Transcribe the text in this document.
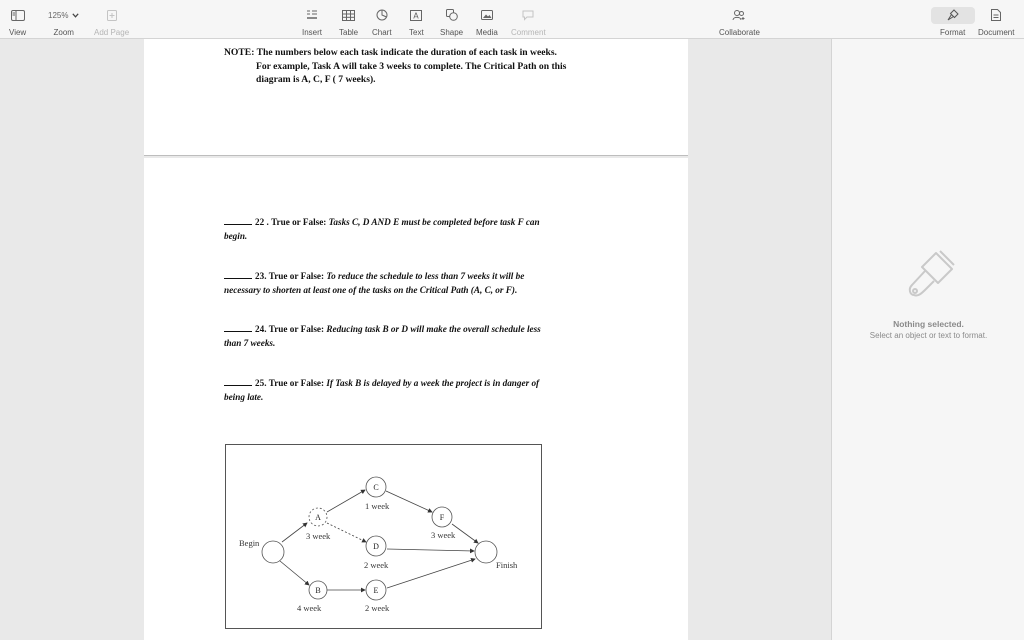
View
125%
Zoom	Add Page	Insert Table Chart
A
Text Shape Media Comment	Collaborate	Format Document
NOTE: The numbers below each task indicate the duration of each task in weeks.
For example, Task A will take 3 weeks to complete. The Critical Path on this
diagram is A, C, F ( 7 weeks).
22 . True or False: Tasks C, D AND E must be completed before task F can
begin.
23. True or False: To reduce the schedule to less than 7 weeks it will be
necessary to shorten at least one of the tasks on the Critical Path (A, C, or F).
24. True or False: Reducing task B or D will make the overall schedule less
than 7 weeks.
25. True or False: If Task B is delayed by a week the project is in danger of
being late.
A
C
D
F
B	E
Begin
Finish
3 week
1 week
3 week
2 week
4 week	2 week
Nothing selected.
Select an object or text to format.
